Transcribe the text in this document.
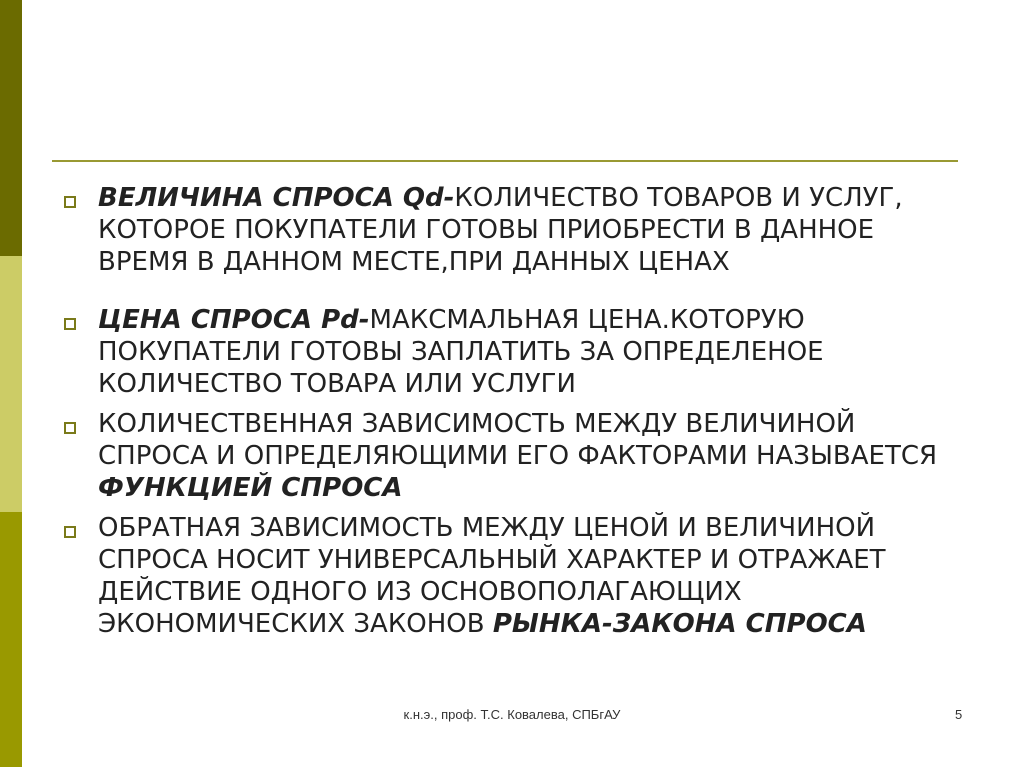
ВЕЛИЧИНА СПРОСА Qd-КОЛИЧЕСТВО ТОВАРОВ И УСЛУГ, КОТОРОЕ ПОКУПАТЕЛИ ГОТОВЫ ПРИОБРЕСТИ В ДАННОЕ ВРЕМЯ В ДАННОМ МЕСТЕ,ПРИ ДАННЫХ ЦЕНАХ
ЦЕНА СПРОСА Pd-МАКСМАЛЬНАЯ ЦЕНА.КОТОРУЮ ПОКУПАТЕЛИ ГОТОВЫ ЗАПЛАТИТЬ ЗА ОПРЕДЕЛЕНОЕ КОЛИЧЕСТВО ТОВАРА ИЛИ УСЛУГИ
КОЛИЧЕСТВЕННАЯ ЗАВИСИМОСТЬ МЕЖДУ ВЕЛИЧИНОЙ СПРОСА И ОПРЕДЕЛЯЮЩИМИ ЕГО ФАКТОРАМИ НАЗЫВАЕТСЯ ФУНКЦИЕЙ СПРОСА
ОБРАТНАЯ ЗАВИСИМОСТЬ МЕЖДУ ЦЕНОЙ И ВЕЛИЧИНОЙ СПРОСА НОСИТ УНИВЕРСАЛЬНЫЙ ХАРАКТЕР И ОТРАЖАЕТ ДЕЙСТВИЕ ОДНОГО ИЗ ОСНОВОПОЛАГАЮЩИХ ЭКОНОМИЧЕСКИХ ЗАКОНОВ РЫНКА-ЗАКОНА СПРОСА
к.н.э., проф. Т.С. Ковалева, СПБгАУ	5
